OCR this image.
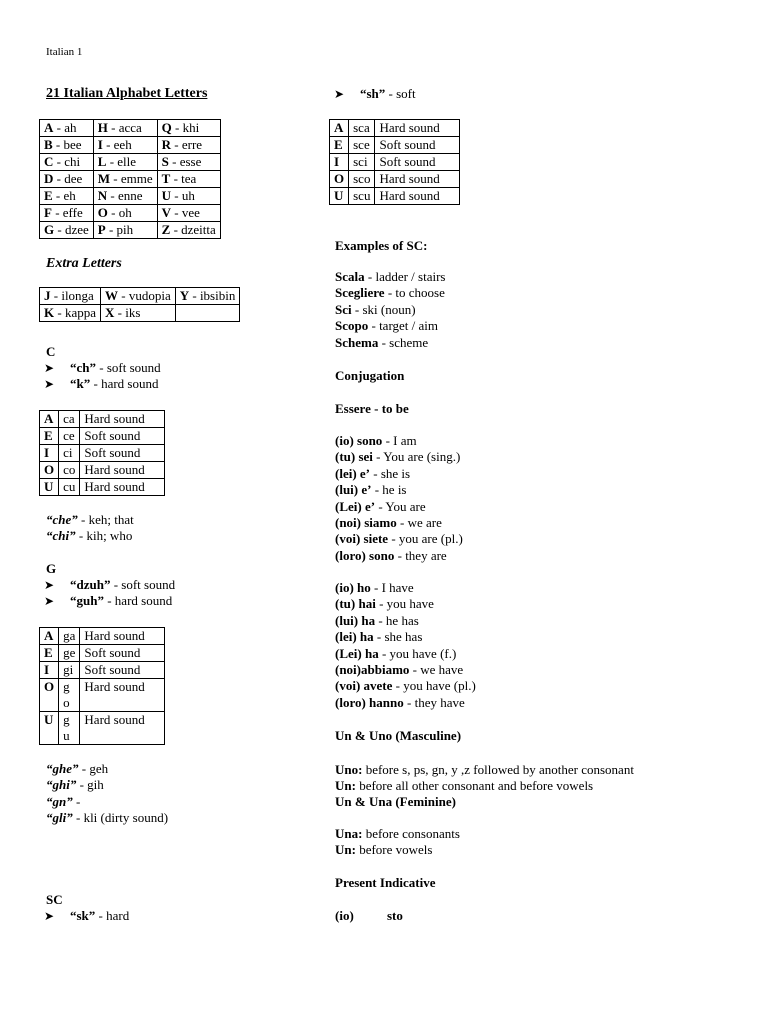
Italian 1
21 Italian Alphabet Letters
A - ah	H - acca	Q - khi
B - bee	I - eeh	R - erre
C - chi	L - elle	S - esse
D - dee	M - emme	T - tea
E - eh	N - enne	U - uh
F - effe	O - oh	V - vee
G - dzee	P - pih	Z - dzeitta
Extra Letters
J - ilonga	W - vudopia	Y - ibsibin
K - kappa	X - iks	
C
➤ “ch” - soft sound
➤ “k” - hard sound
A	ca	Hard sound
E	ce	Soft sound
I	ci	Soft sound
O	co	Hard sound
U	cu	Hard sound
“che” - keh; that
“chi” - kih; who
G
➤ “dzuh” - soft sound
➤ “guh” - hard sound
A	ga	Hard sound
E	ge	Soft sound
I	gi	Soft sound
O	g o	Hard sound
U	g u	Hard sound
“ghe” - geh
“ghi” - gih
“gn” -
“gli” - kli (dirty sound)
SC
➤ “sk” - hard
➤ “sh” - soft
A	sca	Hard sound
E	sce	Soft sound
I	sci	Soft sound
O	sco	Hard sound
U	scu	Hard sound
Examples of SC:
Scala - ladder / stairs
Scegliere - to choose
Sci - ski (noun)
Scopo - target / aim
Schema - scheme
Conjugation
Essere - to be
(io) sono - I am
(tu) sei - You are (sing.)
(lei) e’ - she is
(lui) e’ - he is
(Lei) e’ - You are
(noi) siamo - we are
(voi) siete - you are (pl.)
(loro) sono - they are
(io) ho - I have
(tu) hai - you have
(lui) ha - he has
(lei) ha - she has
(Lei) ha - you have (f.)
(noi)abbiamo - we have
(voi) avete - you have (pl.)
(loro) hanno - they have
Un & Uno (Masculine)
Uno: before s, ps, gn, y ,z followed by another consonant
Un: before all other consonant and before vowels
Un & Una (Feminine)
Una: before consonants
Un: before vowels
Present Indicative
(io)	sto
